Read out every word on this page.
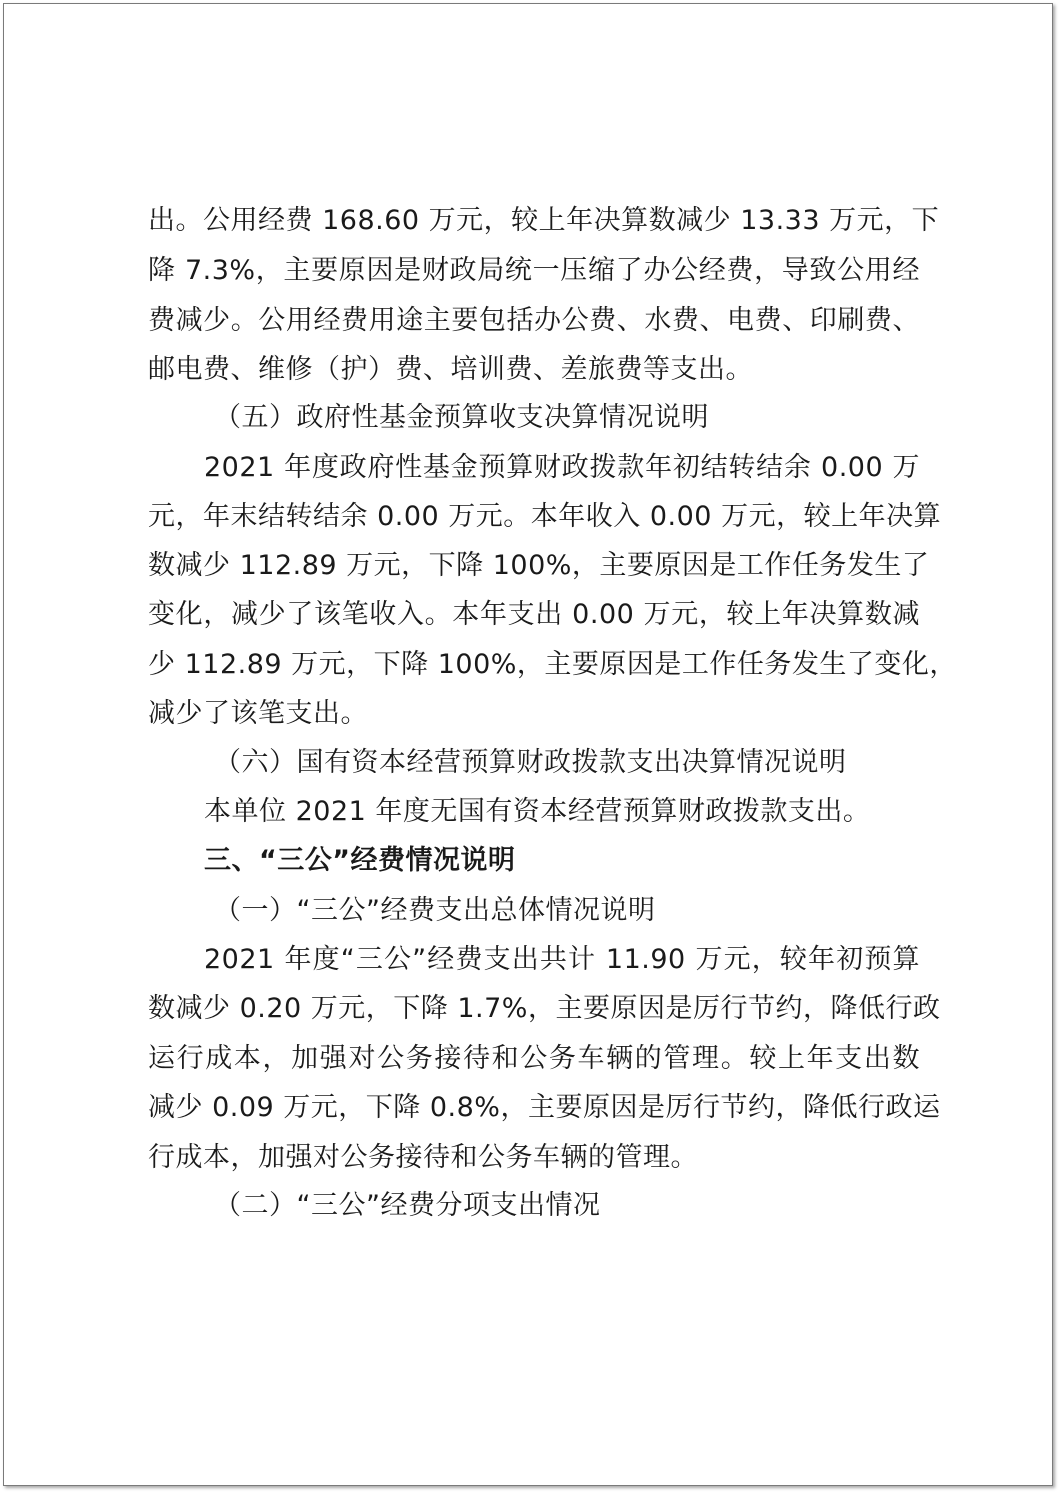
出。公用经费 168.60 万元，较上年决算数减少 13.33 万元，下
降 7.3%，主要原因是财政局统一压缩了办公经费，导致公用经
费减少。公用经费用途主要包括办公费、水费、电费、印刷费、
邮电费、维修（护）费、培训费、差旅费等支出。
（五）政府性基金预算收支决算情况说明
2021 年度政府性基金预算财政拨款年初结转结余 0.00 万
元，年末结转结余 0.00 万元。本年收入 0.00 万元，较上年决算
数减少 112.89 万元，下降 100%，主要原因是工作任务发生了
变化，减少了该笔收入。本年支出 0.00 万元，较上年决算数减
少 112.89 万元，下降 100%，主要原因是工作任务发生了变化，
减少了该笔支出。
（六）国有资本经营预算财政拨款支出决算情况说明
本单位 2021 年度无国有资本经营预算财政拨款支出。
三、“三公”经费情况说明
（一）“三公”经费支出总体情况说明
2021 年度“三公”经费支出共计 11.90 万元，较年初预算
数减少 0.20 万元，下降 1.7%，主要原因是厉行节约，降低行政
运行成本，加强对公务接待和公务车辆的管理。较上年支出数
减少 0.09 万元，下降 0.8%，主要原因是厉行节约，降低行政运
行成本，加强对公务接待和公务车辆的管理。
（二）“三公”经费分项支出情况
